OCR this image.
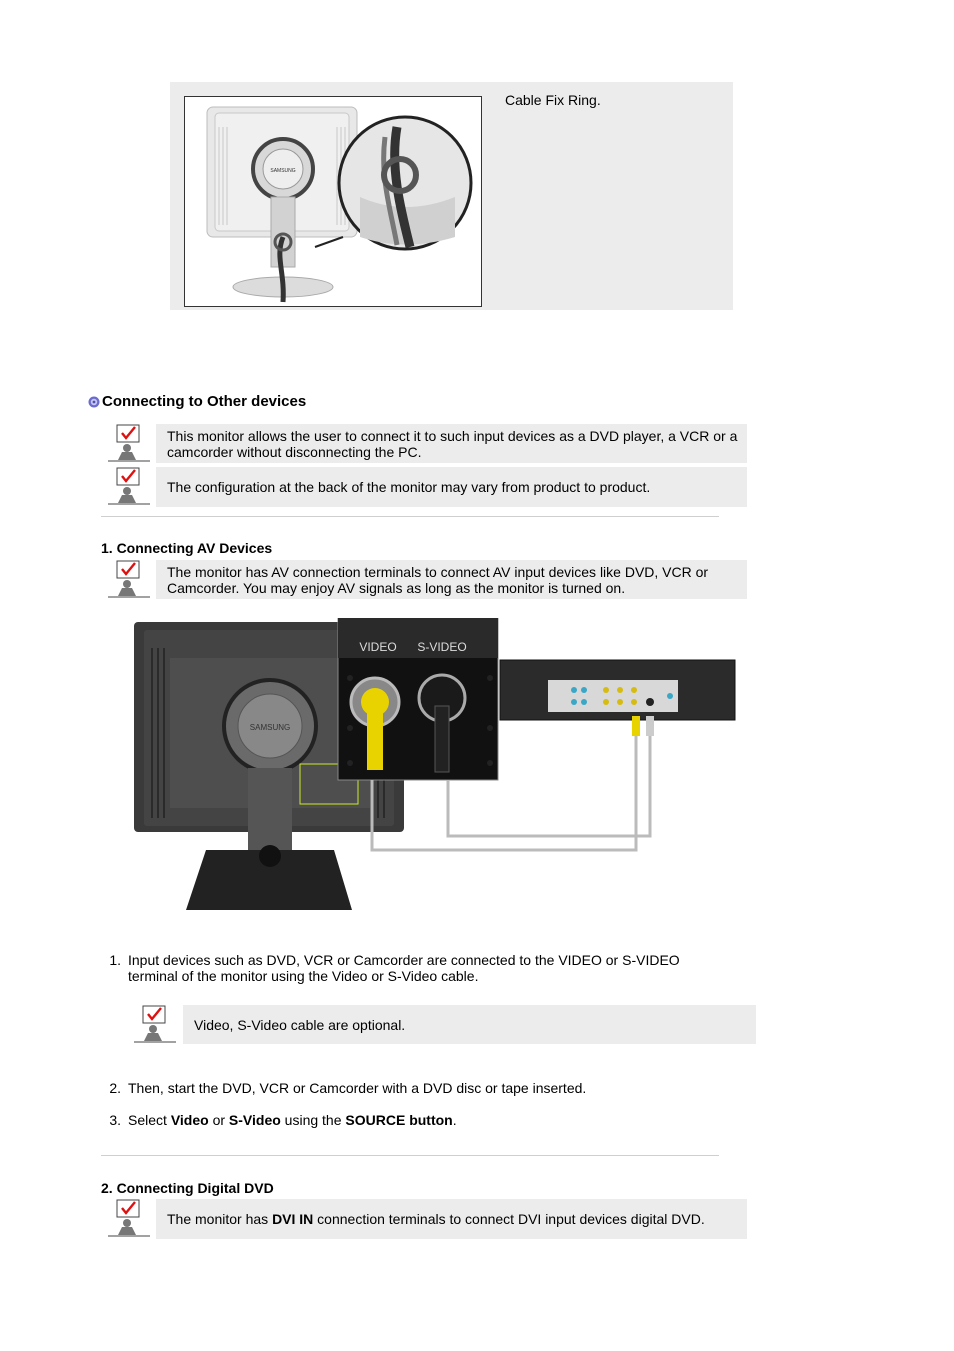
SAMSUNG
Cable Fix Ring.
Connecting to Other devices
This monitor allows the user to connect it to such input devices as a DVD player, a VCR or a camcorder without disconnecting the PC.
The configuration at the back of the monitor may vary from product to product.
1. Connecting AV Devices
The monitor has AV connection terminals to connect AV input devices like DVD, VCR or Camcorder. You may enjoy AV signals as long as the monitor is turned on.
SAMSUNG
VIDEO S-VIDEO
1. Input devices such as DVD, VCR or Camcorder are connected to the VIDEO or S-VIDEO terminal of the monitor using the Video or S-Video cable.
Video, S-Video cable are optional.
2. Then, start the DVD, VCR or Camcorder with a DVD disc or tape inserted.
3. Select Video or S-Video using the SOURCE button.
2. Connecting Digital DVD
The monitor has DVI IN connection terminals to connect DVI input devices digital DVD.
